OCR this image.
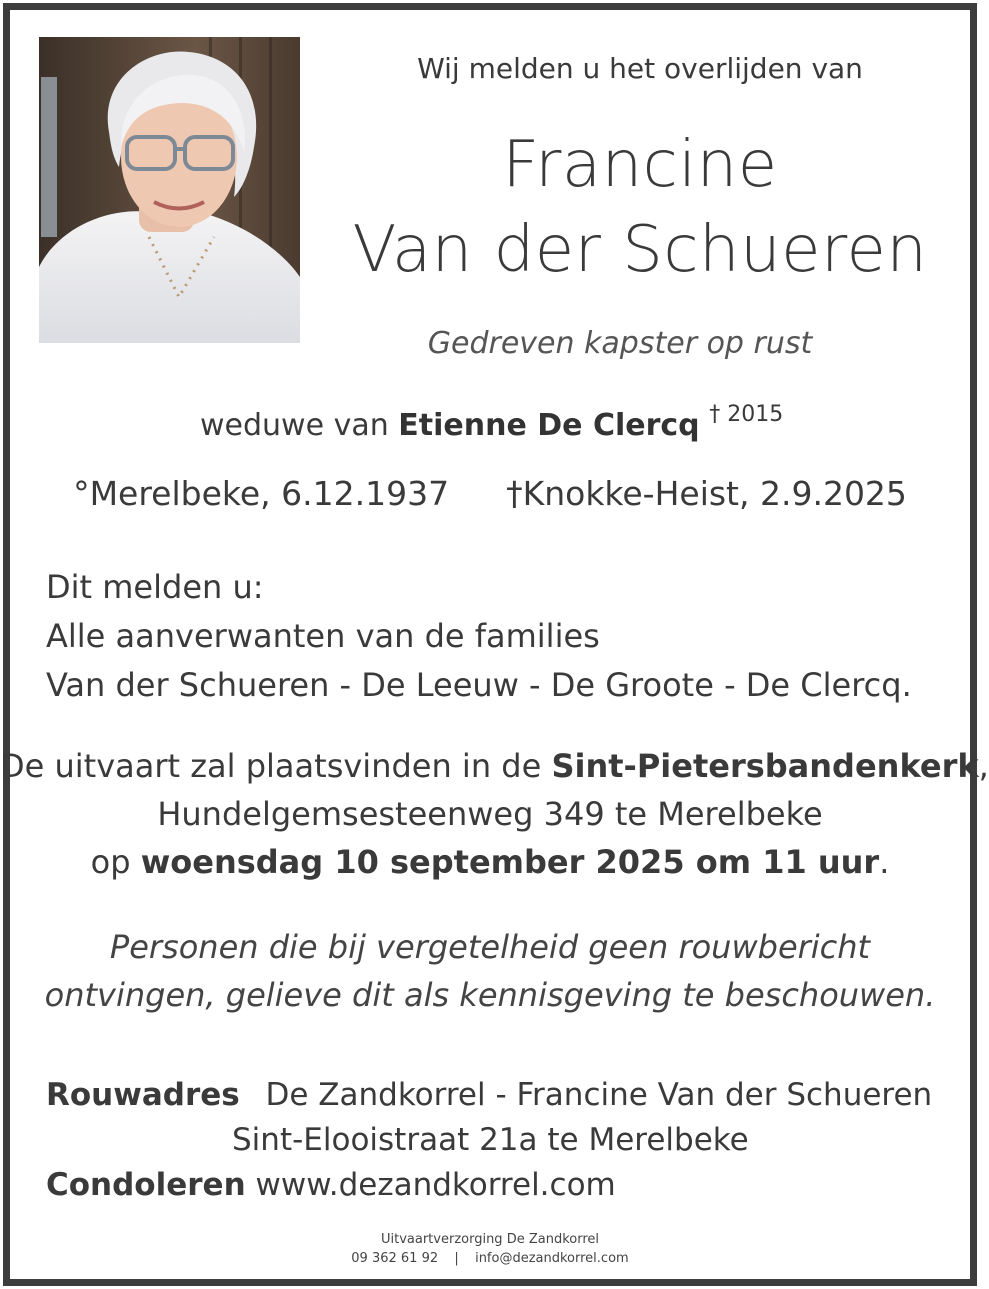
Wij melden u het overlijden van
Francine
Van der Schueren
Gedreven kapster op rust
weduwe van Etienne De Clercq $^{\dagger 2015}$
°Merelbeke, 6.12.1937 †Knokke-Heist, 2.9.2025
Dit melden u:
Alle aanverwanten van de families
Van der Schueren - De Leeuw - De Groote - De Clercq.
De uitvaart zal plaatsvinden in de Sint-Pietersbandenkerk,
Hundelgemsesteenweg 349 te Merelbeke
op woensdag 10 september 2025 om 11 uur.
Personen die bij vergetelheid geen rouwbericht
ontvingen, gelieve dit als kennisgeving te beschouwen.
Rouwadres De Zandkorrel - Francine Van der Schueren
Sint-Elooistraat 21a te Merelbeke
Condoleren www.dezandkorrel.com
Uitvaartverzorging De Zandkorrel
09 362 61 92 | info@dezandkorrel.com
